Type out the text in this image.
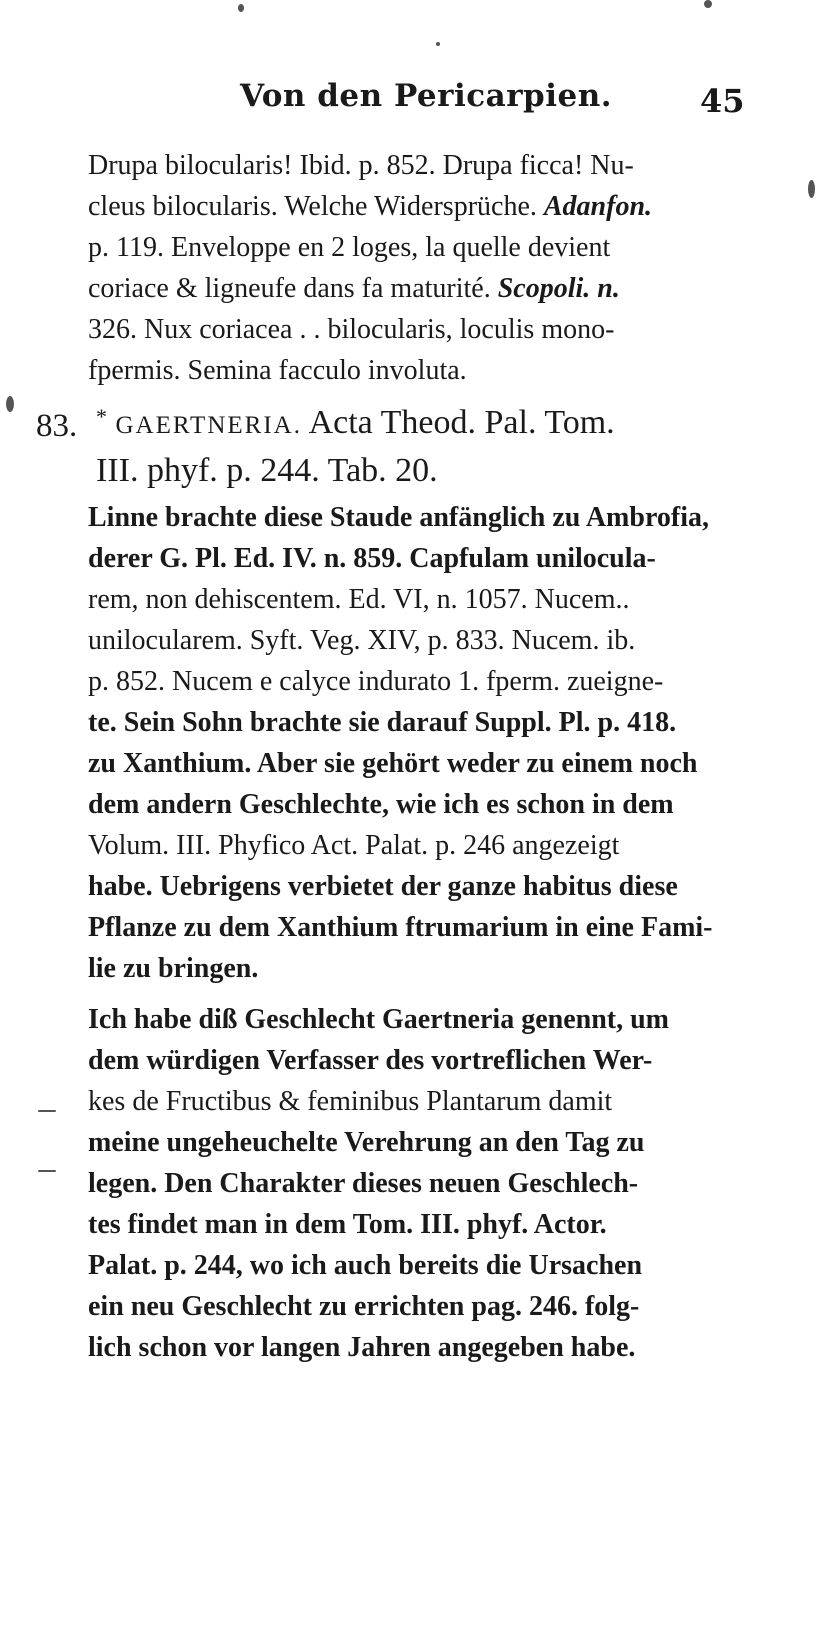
Von den Pericarpien.	45
Drupa bilocularis! Ibid. p. 852. Drupa ficca! Nu-
cleus bilocularis. Welche Widersprüche. Adanfon.
p. 119. Enveloppe en 2 loges, la quelle devient
coriace & ligneufe dans fa maturité. Scopoli. n.
326. Nux coriacea . . bilocularis, loculis mono-
fpermis. Semina facculo involuta.
83. * GAERTNERIA. Acta Theod. Pal. Tom.
III. phyf. p. 244. Tab. 20.
Linne brachte diese Staude anfänglich zu Ambrofia,
derer G. Pl. Ed. IV. n. 859. Capfulam unilocula-
rem, non dehiscentem. Ed. VI, n. 1057. Nucem..
unilocularem. Syft. Veg. XIV, p. 833. Nucem. ib.
p. 852. Nucem e calyce indurato 1. fperm. zueigne-
te. Sein Sohn brachte sie darauf Suppl. Pl. p. 418.
zu Xanthium. Aber sie gehört weder zu einem noch
dem andern Geschlechte, wie ich es schon in dem
Volum. III. Phyfico Act. Palat. p. 246 angezeigt
habe. Uebrigens verbietet der ganze habitus diese
Pflanze zu dem Xanthium ftrumarium in eine Fami-
lie zu bringen.
Ich habe diß Geschlecht Gaertneria genennt, um
dem würdigen Verfasser des vortreflichen Wer-
kes de Fructibus & feminibus Plantarum damit
meine ungeheuchelte Verehrung an den Tag zu
legen. Den Charakter dieses neuen Geschlech-
tes findet man in dem Tom. III. phyf. Actor.
Palat. p. 244, wo ich auch bereits die Ursachen
ein neu Geschlecht zu errichten pag. 246. folg-
lich schon vor langen Jahren angegeben habe.
